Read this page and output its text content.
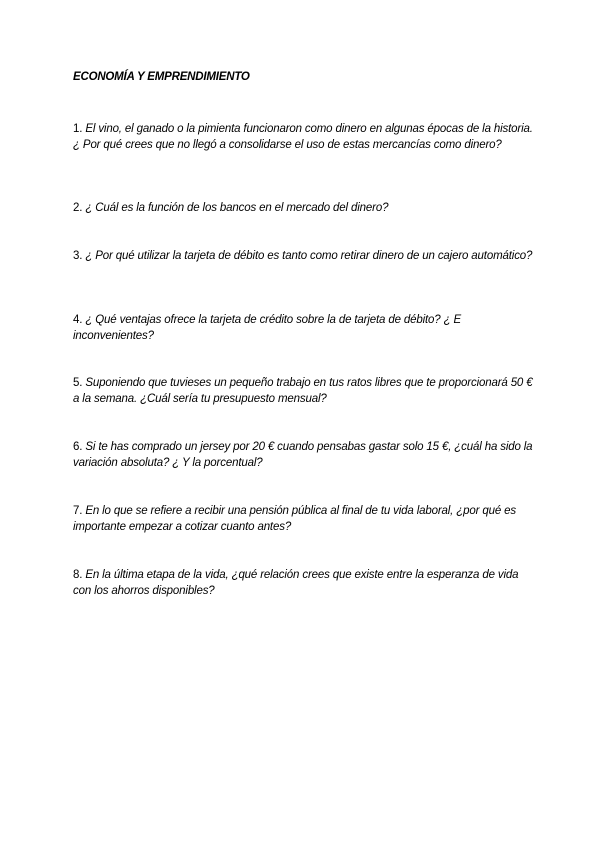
ECONOMÍA Y EMPRENDIMIENTO
1. El vino, el ganado o la pimienta funcionaron como dinero en algunas épocas de la historia. ¿ Por qué crees que no llegó a consolidarse el uso de estas mercancías como dinero?
2. ¿ Cuál es la función de los bancos en el mercado del dinero?
3. ¿ Por qué utilizar la tarjeta de débito es tanto como retirar dinero de un cajero automático?
4. ¿ Qué ventajas ofrece la tarjeta de crédito sobre la de tarjeta de débito? ¿ E inconvenientes?
5. Suponiendo que tuvieses un pequeño trabajo en tus ratos libres que te proporcionará 50 € a la semana. ¿Cuál sería tu presupuesto mensual?
6. Si te has comprado un jersey por 20 € cuando pensabas gastar solo 15 €, ¿cuál ha sido la variación absoluta? ¿ Y la porcentual?
7. En lo que se refiere a recibir una pensión pública al final de tu vida laboral, ¿por qué es importante empezar a cotizar cuanto antes?
8. En la última etapa de la vida, ¿qué relación crees que existe entre la esperanza de vida con los ahorros disponibles?
